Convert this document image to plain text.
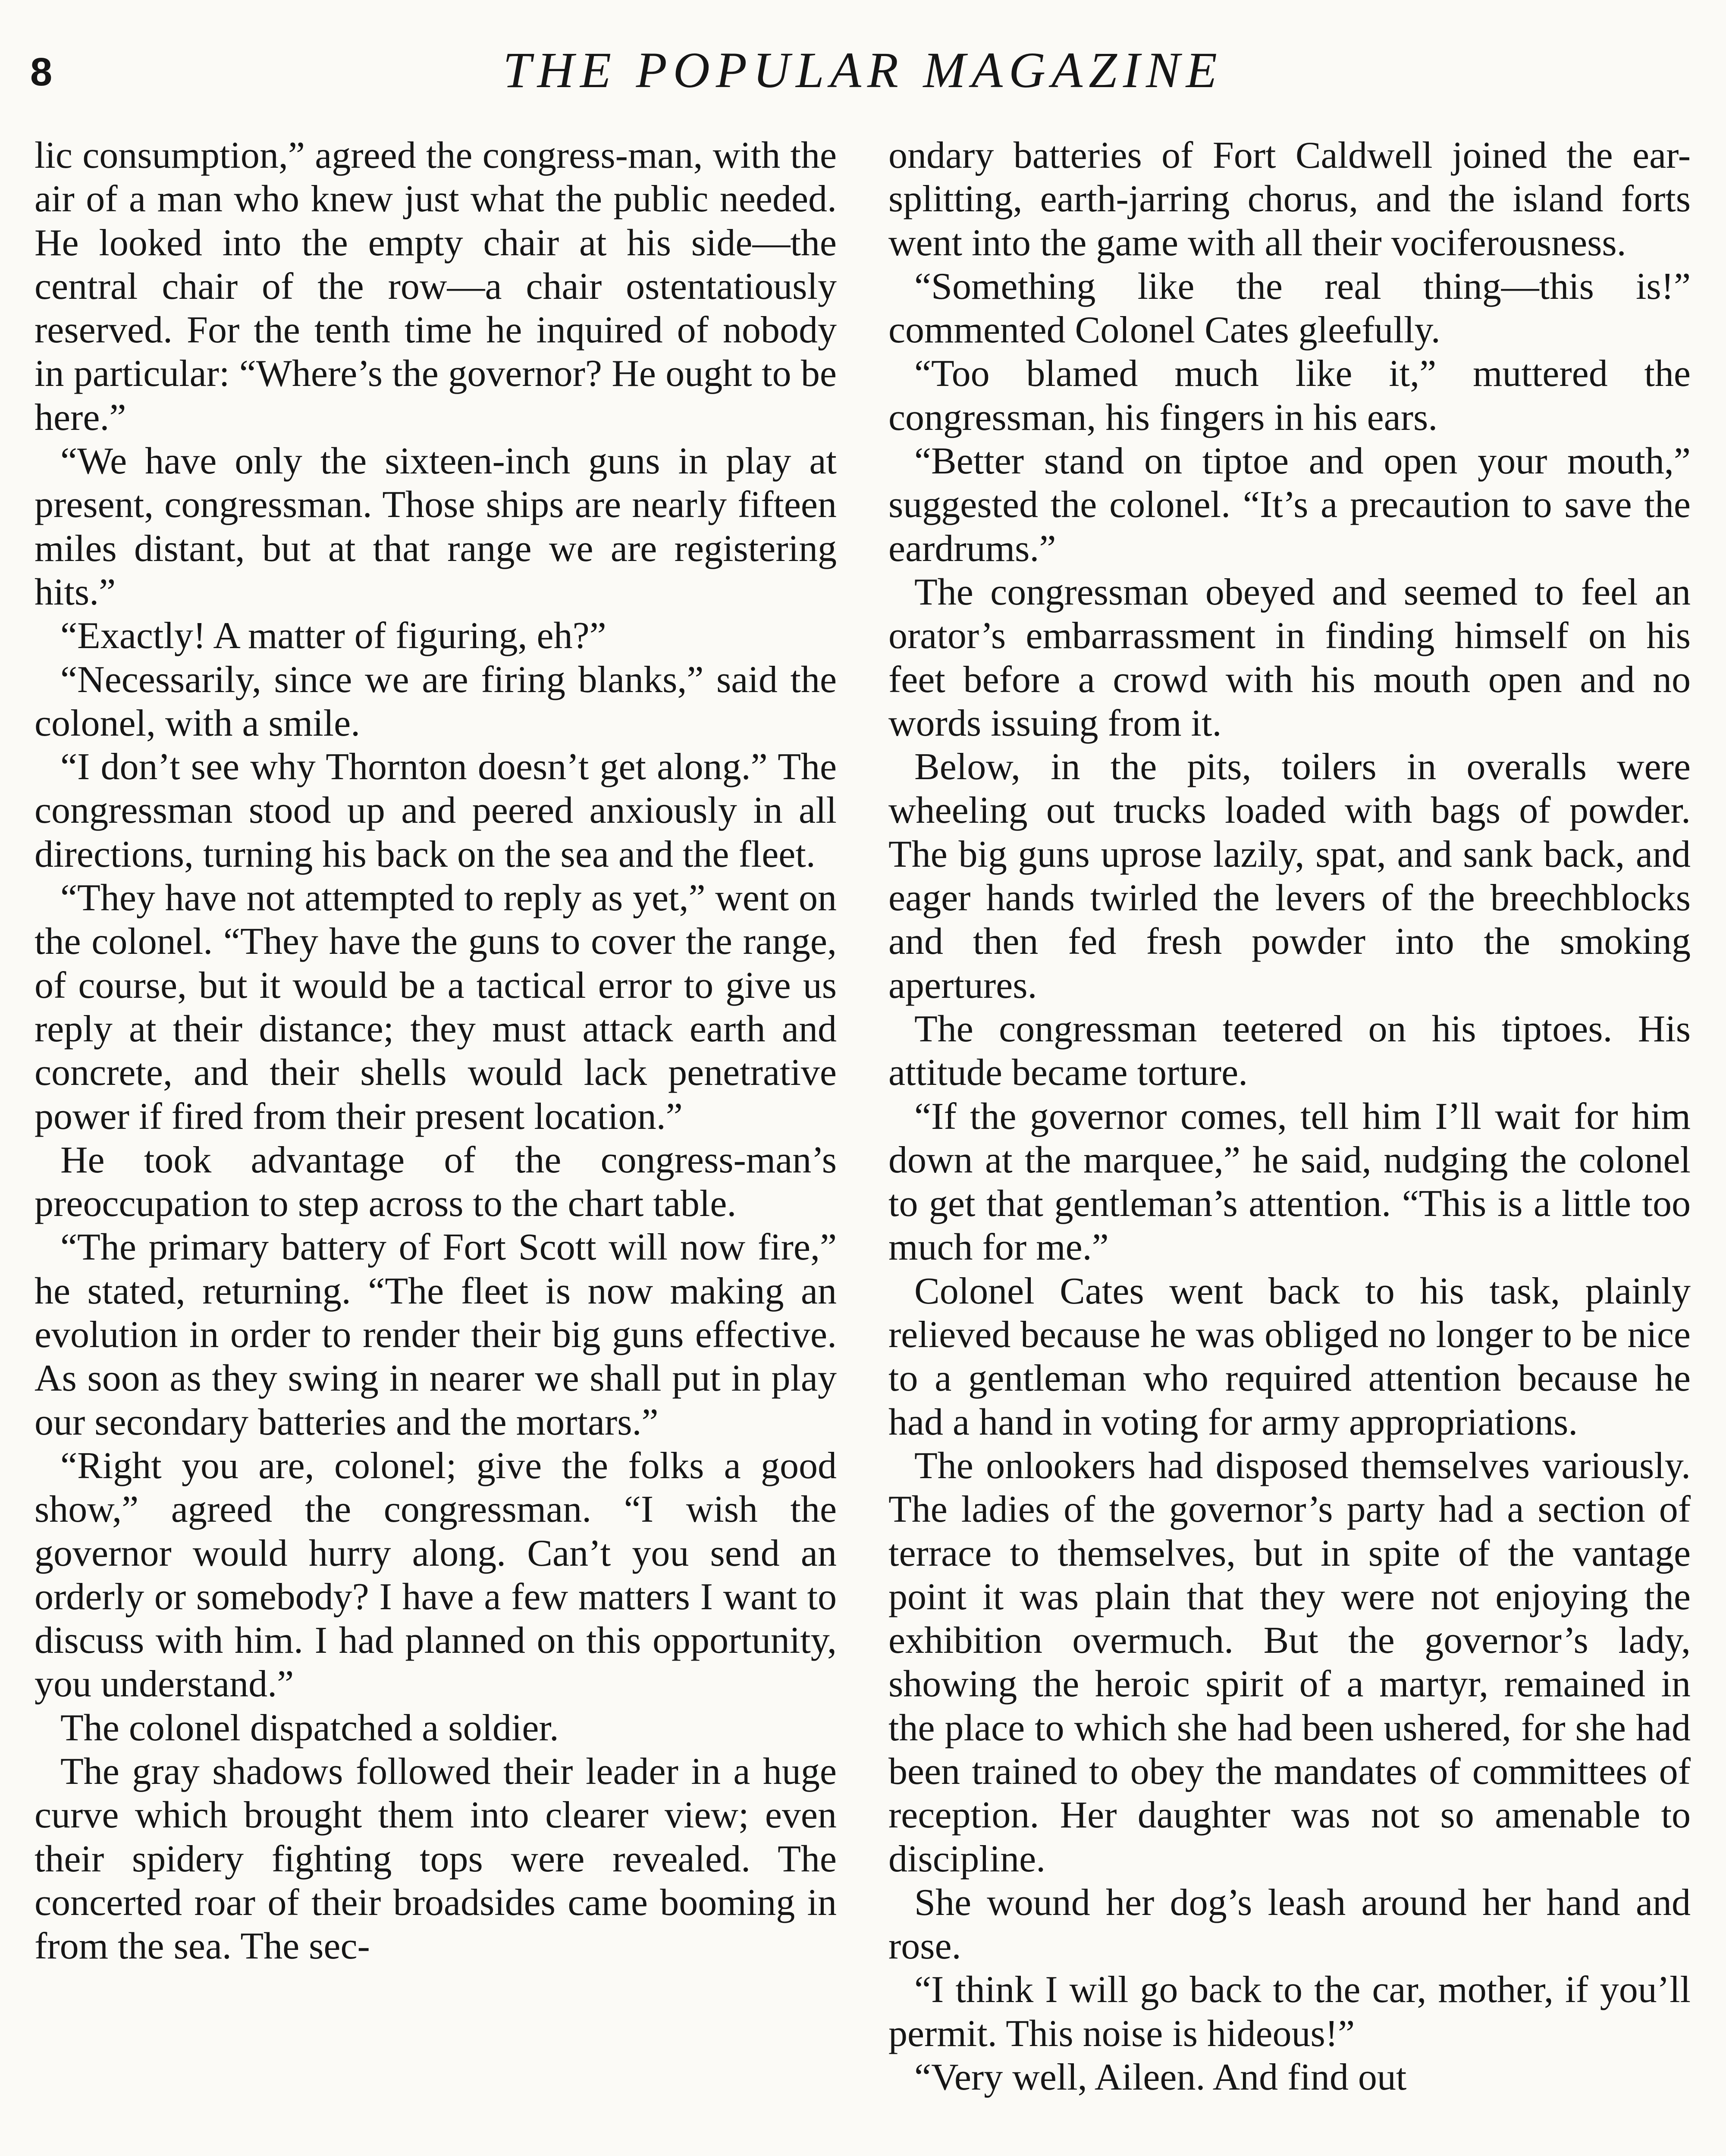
8	THE POPULAR MAGAZINE

lic consumption,” agreed the congress-man, with the air of a man who knew just what the public needed. He looked into the empty chair at his side—the central chair of the row—a chair ostentatiously reserved. For the tenth time he inquired of nobody in particular: “Where’s the governor? He ought to be here.”

“We have only the sixteen-inch guns in play at present, congressman. Those ships are nearly fifteen miles distant, but at that range we are registering hits.”

“Exactly! A matter of figuring, eh?”

“Necessarily, since we are firing blanks,” said the colonel, with a smile.

“I don’t see why Thornton doesn’t get along.” The congressman stood up and peered anxiously in all directions, turning his back on the sea and the fleet.

“They have not attempted to reply as yet,” went on the colonel. “They have the guns to cover the range, of course, but it would be a tactical error to give us reply at their distance; they must attack earth and concrete, and their shells would lack penetrative power if fired from their present location.”

He took advantage of the congress-man’s preoccupation to step across to the chart table.

“The primary battery of Fort Scott will now fire,” he stated, returning. “The fleet is now making an evolution in order to render their big guns effective. As soon as they swing in nearer we shall put in play our secondary batteries and the mortars.”

“Right you are, colonel; give the folks a good show,” agreed the congressman. “I wish the governor would hurry along. Can’t you send an orderly or somebody? I have a few matters I want to discuss with him. I had planned on this opportunity, you understand.”

The colonel dispatched a soldier.

The gray shadows followed their leader in a huge curve which brought them into clearer view; even their spidery fighting tops were revealed. The concerted roar of their broadsides came booming in from the sea. The sec-

ondary batteries of Fort Caldwell joined the ear-splitting, earth-jarring chorus, and the island forts went into the game with all their vociferousness.

“Something like the real thing—this is!” commented Colonel Cates gleefully.

“Too blamed much like it,” muttered the congressman, his fingers in his ears.

“Better stand on tiptoe and open your mouth,” suggested the colonel. “It’s a precaution to save the eardrums.”

The congressman obeyed and seemed to feel an orator’s embarrassment in finding himself on his feet before a crowd with his mouth open and no words issuing from it.

Below, in the pits, toilers in overalls were wheeling out trucks loaded with bags of powder. The big guns uprose lazily, spat, and sank back, and eager hands twirled the levers of the breechblocks and then fed fresh powder into the smoking apertures.

The congressman teetered on his tiptoes. His attitude became torture.

“If the governor comes, tell him I’ll wait for him down at the marquee,” he said, nudging the colonel to get that gentleman’s attention. “This is a little too much for me.”

Colonel Cates went back to his task, plainly relieved because he was obliged no longer to be nice to a gentleman who required attention because he had a hand in voting for army appropriations.

The onlookers had disposed themselves variously. The ladies of the governor’s party had a section of terrace to themselves, but in spite of the vantage point it was plain that they were not enjoying the exhibition overmuch. But the governor’s lady, showing the heroic spirit of a martyr, remained in the place to which she had been ushered, for she had been trained to obey the mandates of committees of reception. Her daughter was not so amenable to discipline.

She wound her dog’s leash around her hand and rose.

“I think I will go back to the car, mother, if you’ll permit. This noise is hideous!”

“Very well, Aileen. And find out
